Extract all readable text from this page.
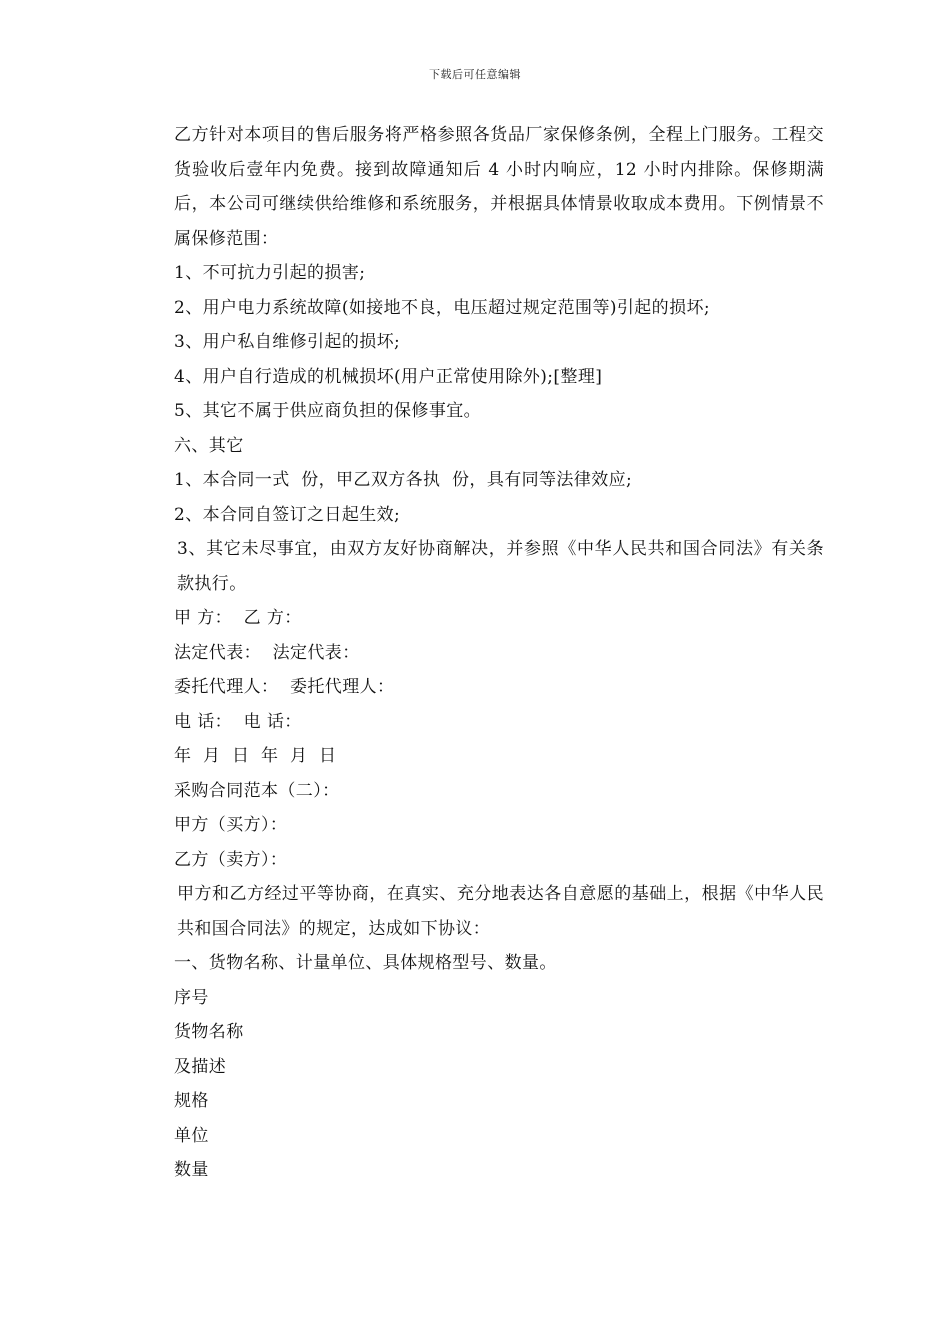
下载后可任意编辑

乙方针对本项目的售后服务将严格参照各货品厂家保修条例，全程上门服务。工程交货验收后壹年内免费。接到故障通知后 4 小时内响应，12 小时内排除。保修期满后，本公司可继续供给维修和系统服务，并根据具体情景收取成本费用。下例情景不属保修范围：

1、不可抗力引起的损害;

2、用户电力系统故障(如接地不良，电压超过规定范围等)引起的损坏;

3、用户私自维修引起的损坏;

4、用户自行造成的机械损坏(用户正常使用除外);[整理]

5、其它不属于供应商负担的保修事宜。

六、其它

1、本合同一式  份，甲乙双方各执  份，具有同等法律效应;

2、本合同自签订之日起生效;

3、其它未尽事宜，由双方友好协商解决，并参照《中华人民共和国合同法》有关条款执行。

甲 方：  乙 方：

法定代表：  法定代表：

委托代理人：  委托代理人：

电 话：  电 话：

年  月  日  年  月  日

采购合同范本（二）：

甲方（买方）：

乙方（卖方）：

甲方和乙方经过平等协商，在真实、充分地表达各自意愿的基础上，根据《中华人民共和国合同法》的规定，达成如下协议：

一、货物名称、计量单位、具体规格型号、数量。

序号

货物名称

及描述

规格

单位

数量
